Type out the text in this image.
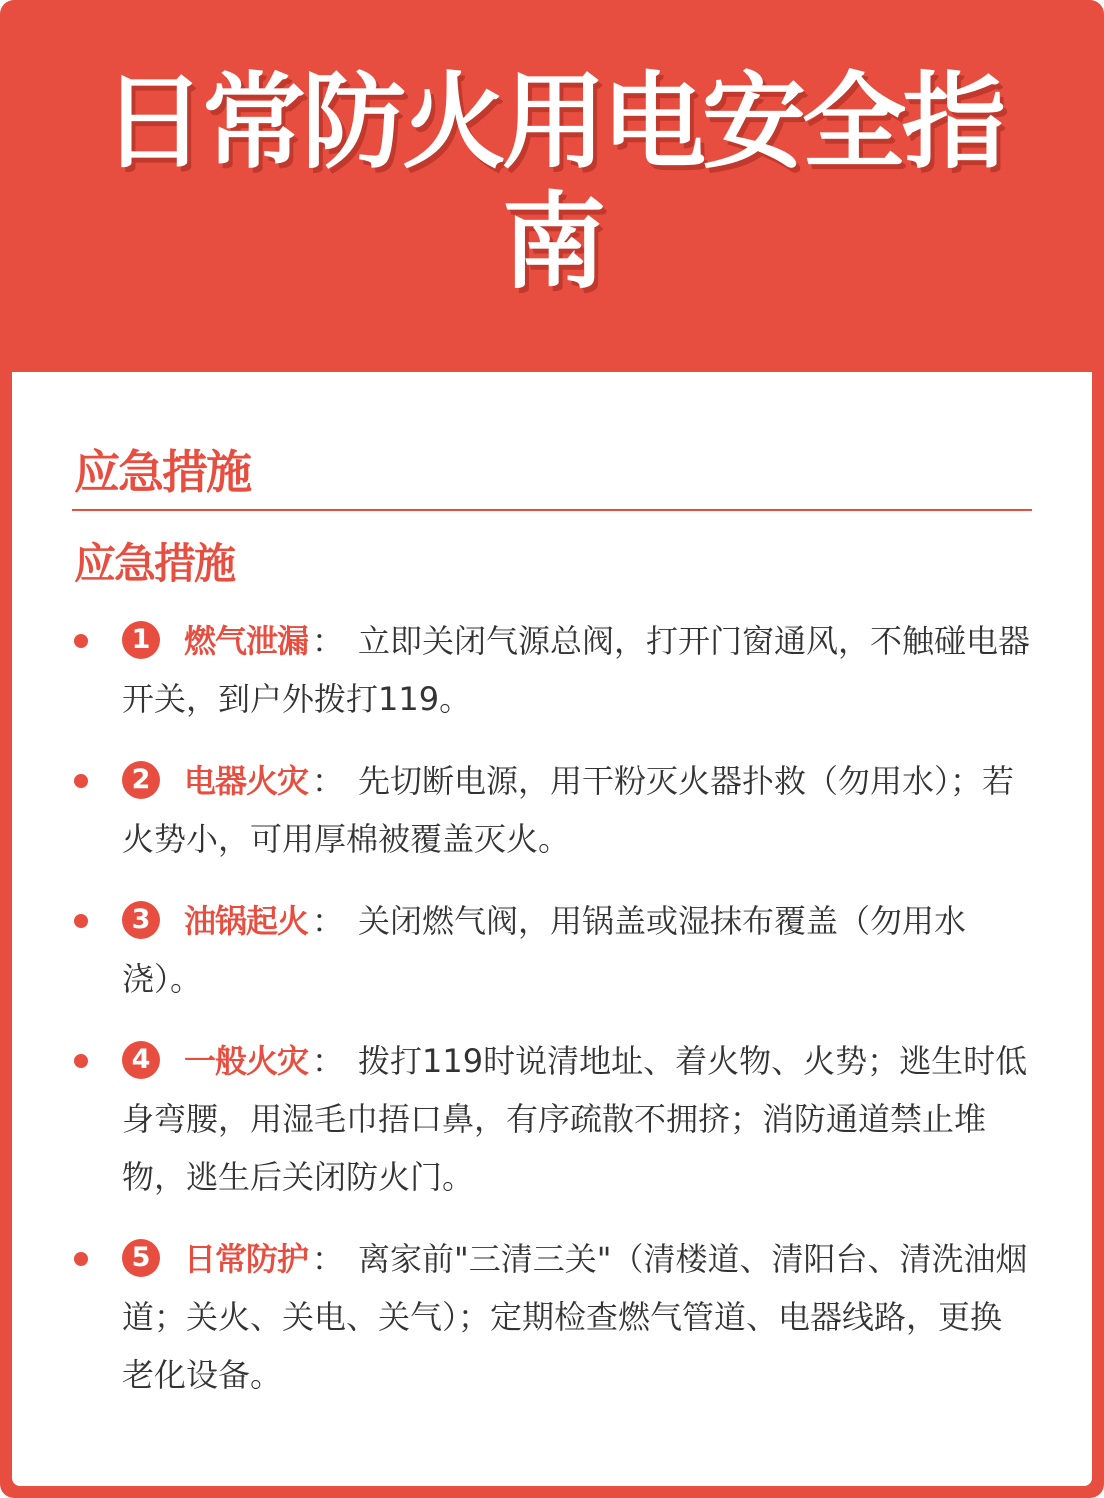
日常防火用电安全指南
应急措施
应急措施
1 燃气泄漏 ： 立即关闭气源总阀，打开门窗通风，不触碰电器开关，到户外拨打119。
2 电器火灾 ： 先切断电源，用干粉灭火器扑救（勿用水）；若火势小，可用厚棉被覆盖灭火。
3 油锅起火 ： 关闭燃气阀，用锅盖或湿抹布覆盖（勿用水浇）。
4 一般火灾 ： 拨打119时说清地址、着火物、火势；逃生时低身弯腰，用湿毛巾捂口鼻，有序疏散不拥挤；消防通道禁止堆物，逃生后关闭防火门。
5 日常防护 ： 离家前"三清三关"（清楼道、清阳台、清洗油烟道；关火、关电、关气）；定期检查燃气管道、电器线路，更换老化设备。
